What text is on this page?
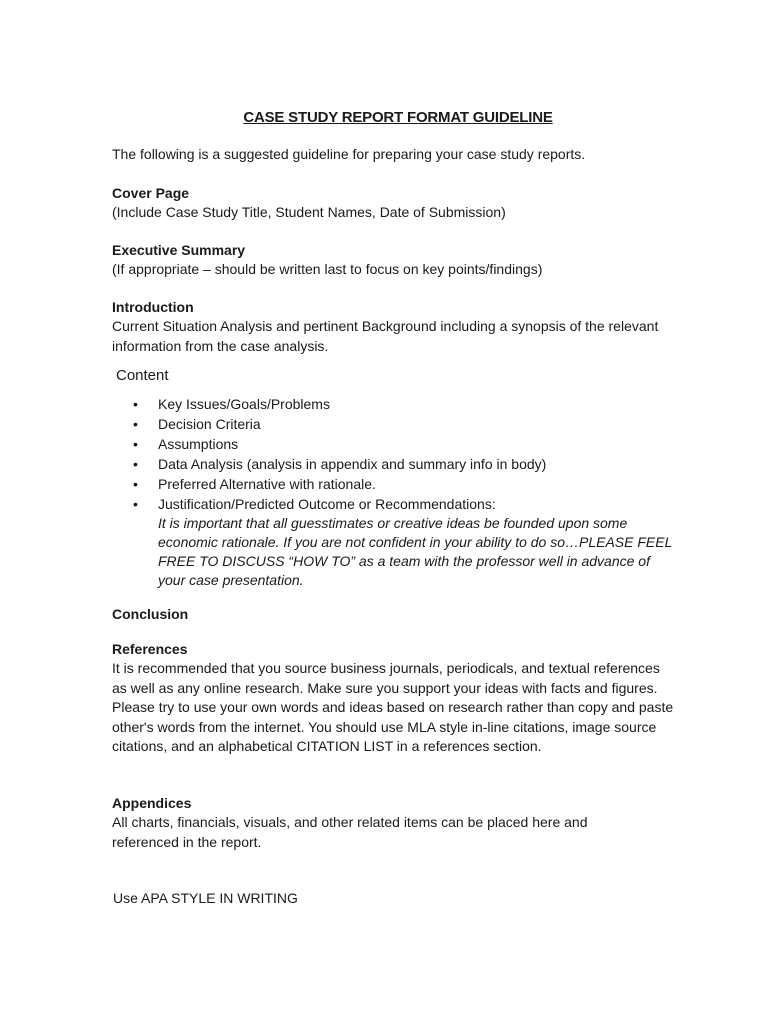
CASE STUDY REPORT FORMAT GUIDELINE
The following is a suggested guideline for preparing your case study reports.
Cover Page

(Include Case Study Title, Student Names, Date of Submission)

Executive Summary

(If appropriate – should be written last to focus on key points/findings)

Introduction

Current Situation Analysis and pertinent Background including a synopsis of the relevant information from the case analysis.

Content
• Key Issues/Goals/Problems
• Decision Criteria
• Assumptions
• Data Analysis (analysis in appendix and summary info in body)
• Preferred Alternative with rationale.
• Justification/Predicted Outcome or Recommendations:
It is important that all guesstimates or creative ideas be founded upon some economic rationale. If you are not confident in your ability to do so…PLEASE FEEL FREE TO DISCUSS “HOW TO” as a team with the professor well in advance of your case presentation.
Conclusion
References

It is recommended that you source business journals, periodicals, and textual references as well as any online research. Make sure you support your ideas with facts and figures. Please try to use your own words and ideas based on research rather than copy and paste other's words from the internet. You should use MLA style in-line citations, image source citations, and an alphabetical CITATION LIST in a references section.

Appendices

All charts, financials, visuals, and other related items can be placed here and referenced in the report.

Use APA STYLE IN WRITING
